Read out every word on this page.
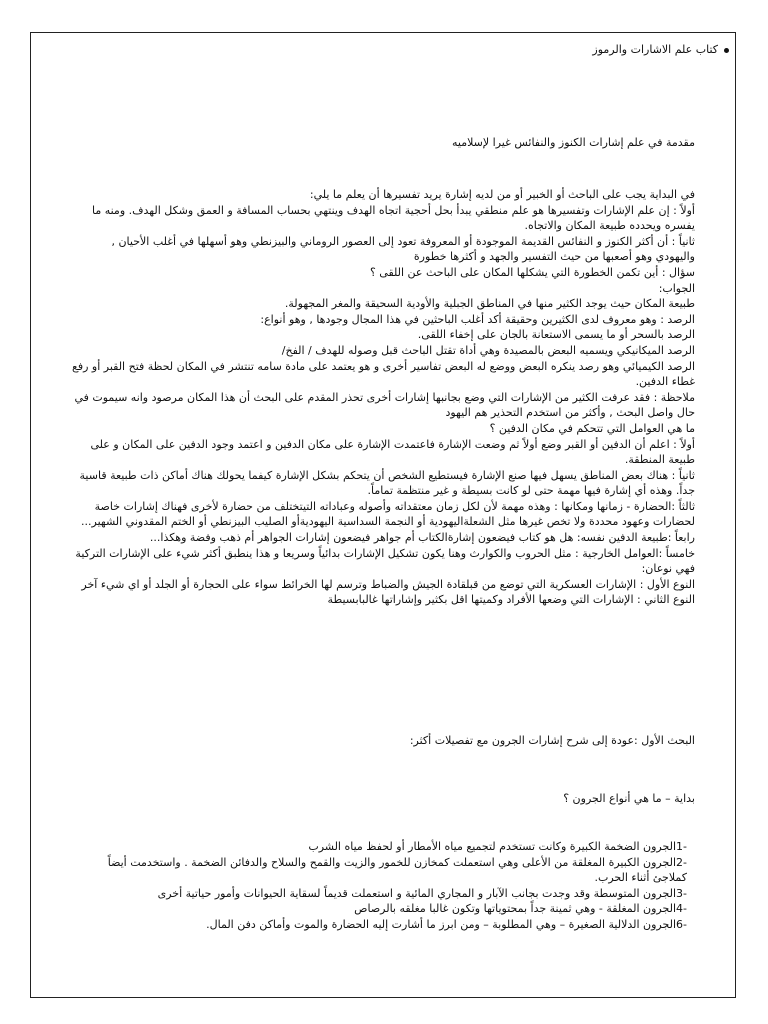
كتاب علم الاشارات والرموز

مقدمة في علم إشارات الكنوز والنفائس غيرا لإسلاميه

في البداية يجب على الباحث أو الخبير أو من لديه إشارة يريد تفسيرها أن يعلم ما يلي:

أولاً : إن علم الإشارات وتفسيرها هو علم منطقي يبدأ بحل أحجية اتجاه الهدف وينتهي بحساب المسافة و العمق وشكل الهدف. ومنه ما يفسره ويحدده طبيعة المكان والاتجاه.

ثانياً : أن أكثر الكنوز و النفائس القديمة الموجودة أو المعروفة تعود إلى العصور الروماني والبيزنطي وهو أسهلها في أغلب الأحيان , واليهودي وهو أصعبها من حيث التفسير والجهد و أكثرها خطورة

سؤال : أين تكمن الخطورة التي يشكلها المكان على الباحث عن اللقى ؟

الجواب:

طبيعة المكان حيث يوجد الكثير منها في المناطق الجبلية والأودية السحيقة والمغر المجهولة.

الرصد : وهو معروف لدى الكثيرين وحقيقة أكد أغلب الباحثين في هذا المجال وجودها , وهو أنواع:

الرصد بالسحر أو ما يسمى الاستعانة بالجان على إخفاء اللقى.

الرصد الميكانيكي ويسميه البعض بالمصيدة وهي أداة تقتل الباحث قبل وصوله للهدف / الفخ/

الرصد الكيميائي وهو رصد ينكره البعض ووضع له البعض تفاسير أخرى و هو يعتمد على مادة سامه تنتشر في المكان لحظة فتح القبر أو رفع غطاء الدفين.

ملاحظة : فقد عرفت الكثير من الإشارات التي وضع بجانبها إشارات أخرى تحذر المقدم على البحث أن هذا المكان مرصود وانه سيموت في حال واصل البحث , وأكثر من استخدم التحذير هم اليهود

ما هي العوامل التي تتحكم في مكان الدفين ؟

أولاً : اعلم أن الدفين أو القبر وضع أولاً ثم وضعت الإشارة فاعتمدت الإشارة على مكان الدفين و اعتمد وجود الدفين على المكان و على طبيعة المنطقة.

ثانياً : هناك بعض المناطق يسهل فيها صنع الإشارة فيستطيع الشخص أن يتحكم بشكل الإشارة كيفما يحولك هناك أماكن ذات طبيعة قاسية جداً. وهذه أي إشارة فيها مهمة حتى لو كانت بسيطة و غير منتظمة تماماً.

ثالثاً :الحضارة - زمانها ومكانها : وهذه مهمة لأن لكل زمان معتقداته وأصوله وعباداته التيتختلف من حضارة لأخرى فهناك إشارات خاصة لحضارات وعهود محددة ولا تخص غيرها مثل الشعلةاليهودية أو النجمة السداسية اليهوديةأو الصليب البيزنطي أو الختم المقدوني الشهير...

رابعاً :طبيعة الدفين نفسه: هل هو كتاب فيضعون إشارةالكتاب أم جواهر فيضعون إشارات الجواهر أم ذهب وفضة وهكذا...

خامساً :العوامل الخارجية : مثل الحروب والكوارث وهنا يكون تشكيل الإشارات بدائياً وسريعا و هذا ينطبق أكثر شيء على الإشارات التركية فهي نوعان:

النوع الأول : الإشارات العسكرية التي توضع من قبلقادة الجيش والضباط وترسم لها الخرائط سواء على الحجارة أو الجلد أو اي شيء آخر

النوع الثاني : الإشارات التي وضعها الأفراد وكميتها اقل بكثير وإشاراتها غالبابسيطة

البحث الأول :عودة إلى شرح إشارات الجرون مع تفصيلات أكثر:

بداية – ما هي أنواع الجرون ؟

-1الجرون الضخمة الكبيرة وكانت تستخدم لتجميع مياه الأمطار أو لحفظ مياه الشرب

-2الجرون الكبيرة المغلقة من الأعلى وهي استعملت كمخازن للخمور والزيت والقمح والسلاح والدفائن الضخمة . واستخدمت أيضاً كملاجئ أثناء الحرب.

-3الجرون المتوسطة وقد وجدت بجانب الآبار و المجاري المائية و استعملت قديماً لسقاية الحيوانات وأمور حياتية أخرى

-4الجرون المغلقة - وهي ثمينة جداً بمحتوياتها وتكون غالبا مغلقه بالرصاص

-6الجرون الدلالية الصغيرة – وهي المطلوبة – ومن ابرز ما أشارت إليه الحضارة والموت وأماكن دفن المال.
